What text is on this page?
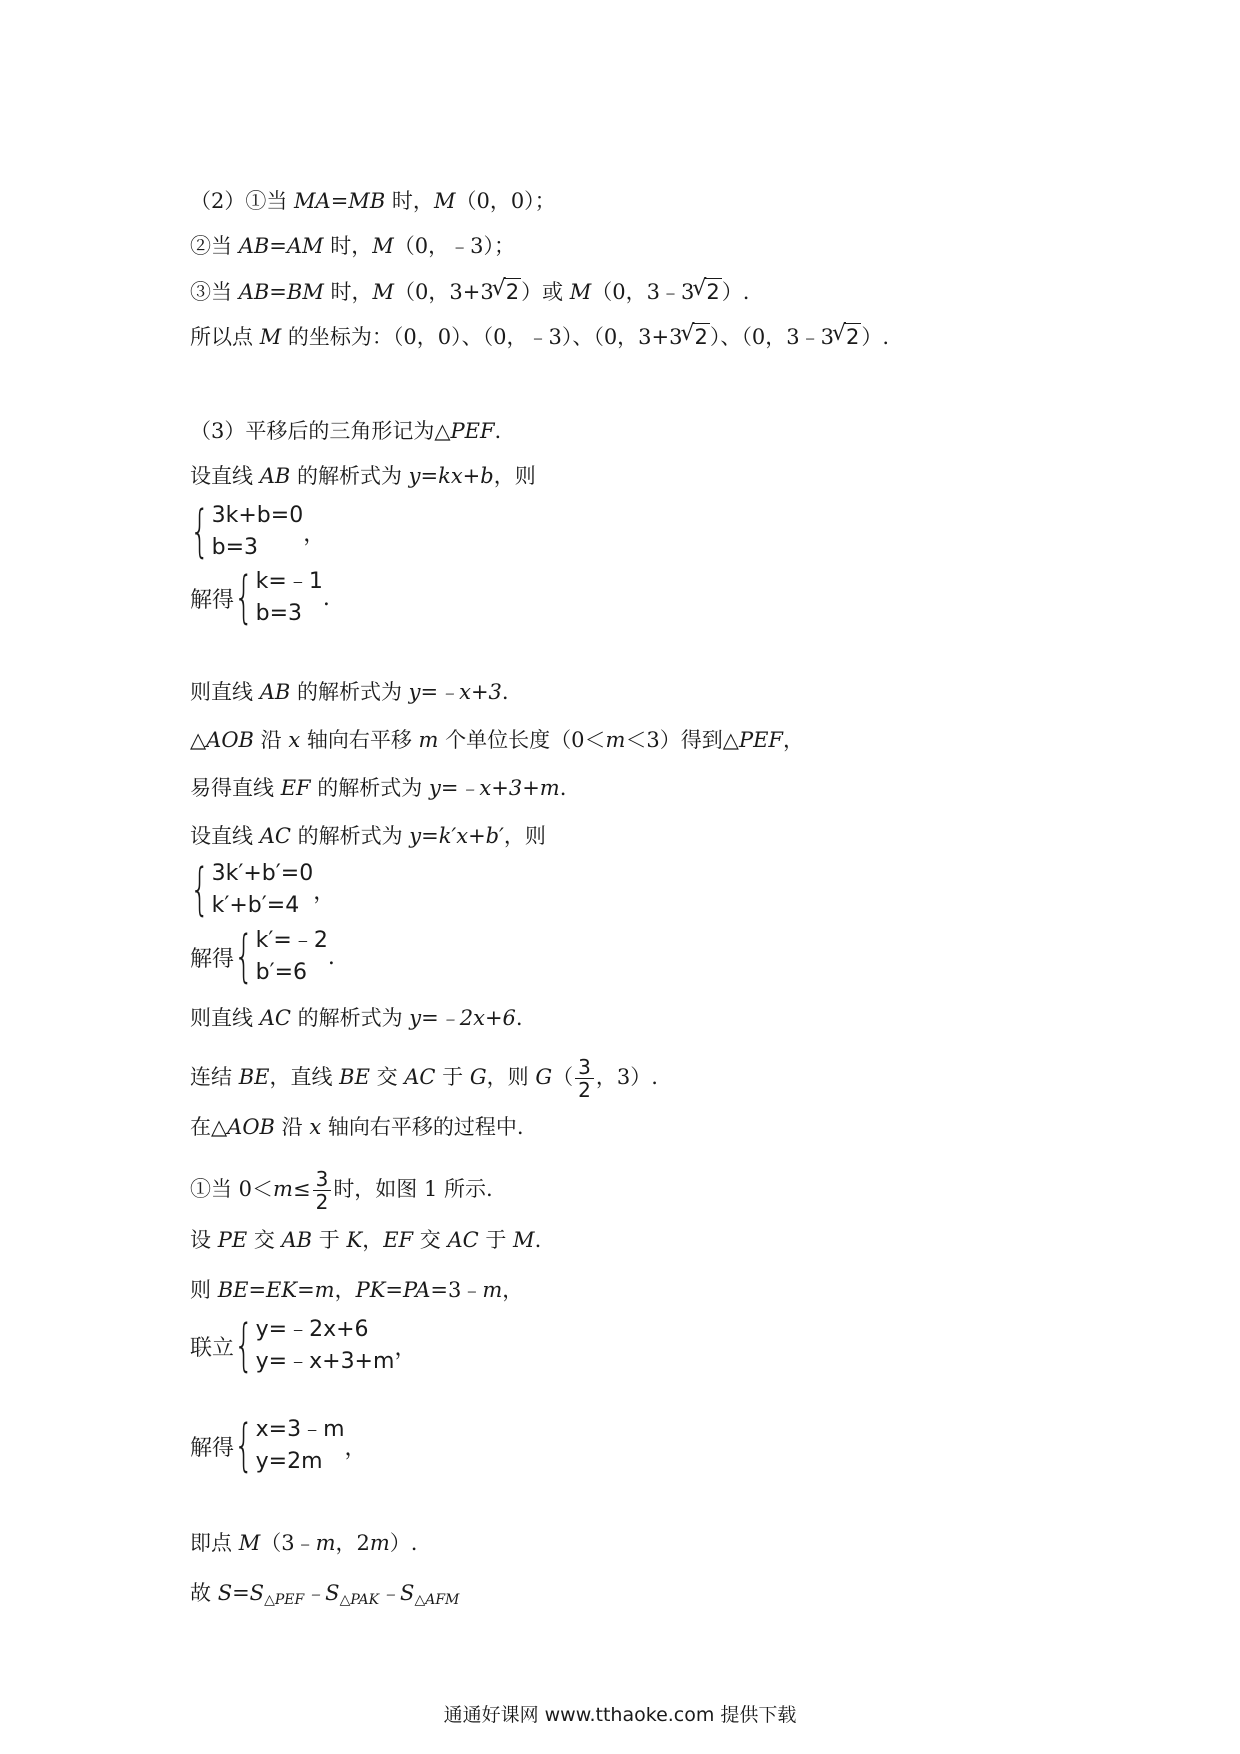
（2）①当 MA=MB 时，M（0，0）；
②当 AB=AM 时，M（0，﹣3）；
③当 AB=BM 时，M（0，3+3 √ 2）或 M（0，3﹣3 √ 2）.
所以点 M 的坐标为：（0，0）、（0，﹣3）、（0，3+3 √ 2）、（0，3﹣3 √ 2）.
（3）平移后的三角形记为△PEF.
设直线 AB 的解析式为 y=kx+b，则
{ 3k+b=0
b=3
，
解得{ k=﹣1
b=3
.
则直线 AB 的解析式为 y=﹣x+3.
△AOB 沿 x 轴向右平移 m 个单位长度（0＜m＜3）得到△PEF，
易得直线 EF 的解析式为 y=﹣x+3+m.
设直线 AC 的解析式为 y=k′x+b′，则
{ 3k′+b′=0
k′+b′=4
，
解得{ k′=﹣2
b′=6
.
则直线 AC 的解析式为 y=﹣2x+6.
连结 BE，直线 BE 交 AC 于 G，则 $G( \frac{3}{2}$ ，3）.
在△AOB 沿 x 轴向右平移的过程中.
①当 $0<m\le \frac{3}{2}$ 时，如图 1 所示.
设 PE 交 AB 于 K，EF 交 AC 于 M.
则 BE=EK=m，PK=PA=3﹣m，
联立{ y=﹣2x+6
y=﹣x+3+m
，
解得{ x=3﹣m
y=2m
，
即点 M（3﹣m，2m）.
故 $S=S_{\triangle PEF}﹣S_{\triangle PAK}﹣S_{\triangle AFM}$
通通好课网 www.tthaoke.com 提供下载
